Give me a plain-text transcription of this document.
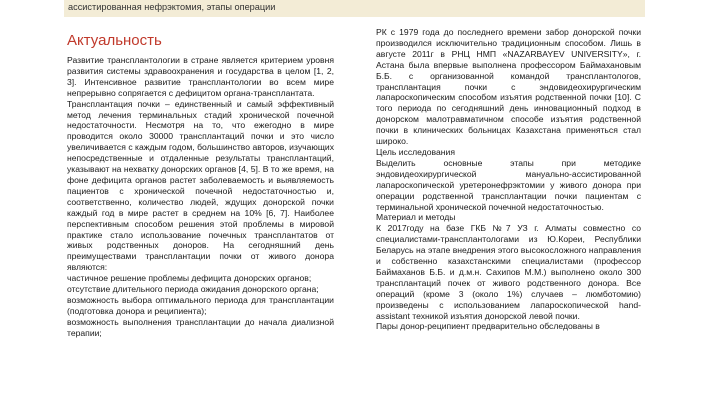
ассистированная нефрэктомия, этапы операции
Актуальность

Развитие трансплантологии в стране является критерием уровня развития системы здравоохранения и государства в целом [1, 2, 3]. Интенсивное развитие трансплантологии во всем мире непрерывно сопрягается с дефицитом органа-трансплантата.

Трансплантация почки – единственный и самый эффективный метод лечения терминальных стадий хронической почечной недостаточности. Несмотря на то, что ежегодно в мире проводится около 30000 трансплантаций почки и это число увеличивается с каждым годом, большинство авторов, изучающих непосредственные и отдаленные результаты трансплантаций, указывают на нехватку донорских органов [4, 5]. В то же время, на фоне дефицита органов растет заболеваемость и выявляемость пациентов с хронической почечной недостаточностью и, соответственно, количество людей, ждущих донорской почки каждый год в мире растет в среднем на 10% [6, 7]. Наиболее перспективным способом решения этой проблемы в мировой практике стало использование почечных трансплантатов от живых родственных доноров. На сегодняшний день преимуществами трансплантации почки от живого донора являются:

частичное решение проблемы дефицита донорских органов;

отсутствие длительного периода ожидания донорского органа;

возможность выбора оптимального периода для трансплантации (подготовка донора и реципиента);

возможность выполнения трансплантации до начала диализной терапии;

РК с 1979 года до последнего времени забор донорской почки производился исключительно традиционным способом. Лишь в августе 2011г в РНЦ НМП «NAZARBAYEV UNIVERSITY», г. Астана была впервые выполнена профессором Баймахановым Б.Б. с организованной командой трансплантологов, трансплантация почки с эндовидеохирургическим лапароскопическим способом изъятия родственной почки [10]. С того периода по сегодняшний день инновационный подход в донорском малотравматичном способе изъятия родственной почки в клинических больницах Казахстана применяться стал широко.

Цель исследования

Выделить основные этапы при методике эндовидеохирургической мануально-ассистированной лапароскопической уретеронефрэктомии у живого донора при операции родственной трансплантации почки пациентам с терминальной хронической почечной недостаточностью.

Материал и методы

К 2017году на базе ГКБ №7 УЗ г. Алматы совместно со специалистами-трансплантологами из Ю.Кореи, Республики Беларусь на этапе внедрения этого высокосложного направления и собственно казахстанскими специалистами (профессор Баймаханов Б.Б. и д.м.н. Сахипов М.М.) выполнено около 300 трансплантаций почек от живого родственного донора. Все операций (кроме 3 (около 1%) случаев – люмботомию) произведены с использованием лапароскопической hand-assistant техникой изъятия донорской левой почки.

Пары донор-реципиент предварительно обследованы в
